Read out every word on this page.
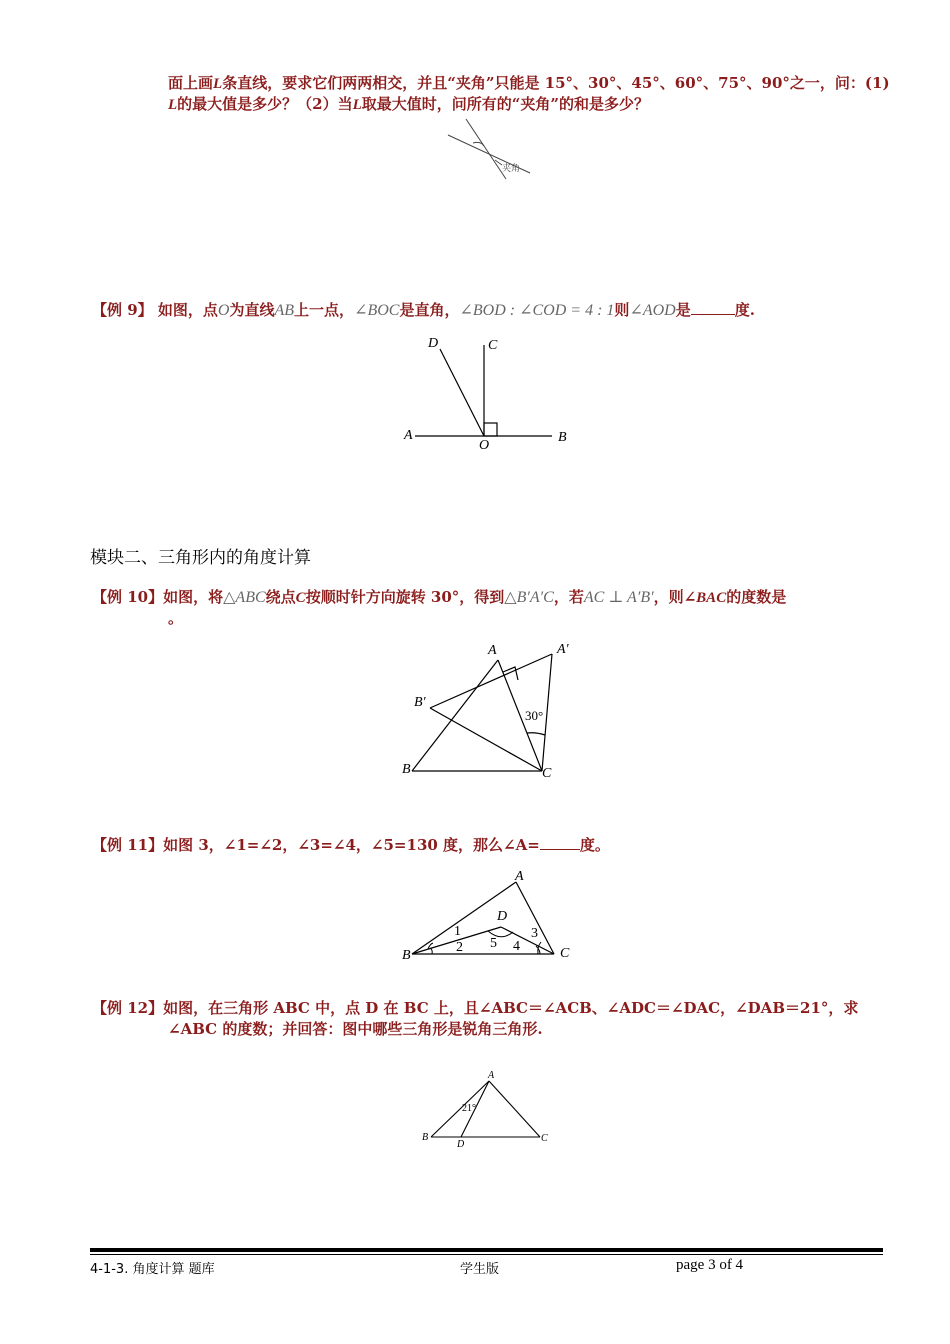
面上画L条直线，要求它们两两相交，并且“夹角”只能是 15°、30°、45°、60°、75°、90°之一，问：(1)
L的最大值是多少？（2）当L取最大值时，问所有的“夹角”的和是多少？
夹角
【例 9】 如图，点O为直线AB上一点，∠BOC是直角，∠BOD : ∠COD = 4 : 1则∠AOD是	度.
D	C
A
O
B
模块二、三角形内的角度计算
【例 10】如图，将△ABC绕点C按顺时针方向旋转 30°，得到△B′A′C，若AC ⊥ A′B′，则∠BAC的度数是
。
A	A′
B′
30°
B	C
【例 11】如图 3，∠1=∠2，∠3=∠4，∠5=130 度，那么∠A=	度。
A
D
1
2 5 4
3
B	C
【例 12】如图，在三角形 ABC 中，点 D 在 BC 上，且∠ABC＝∠ACB、∠ADC＝∠DAC，∠DAB＝21°，求
∠ABC 的度数；并回答：图中哪些三角形是锐角三角形.
A
21°
B
D
C
4-1-3. 角度计算 题库	学生版	page 3 of 4
